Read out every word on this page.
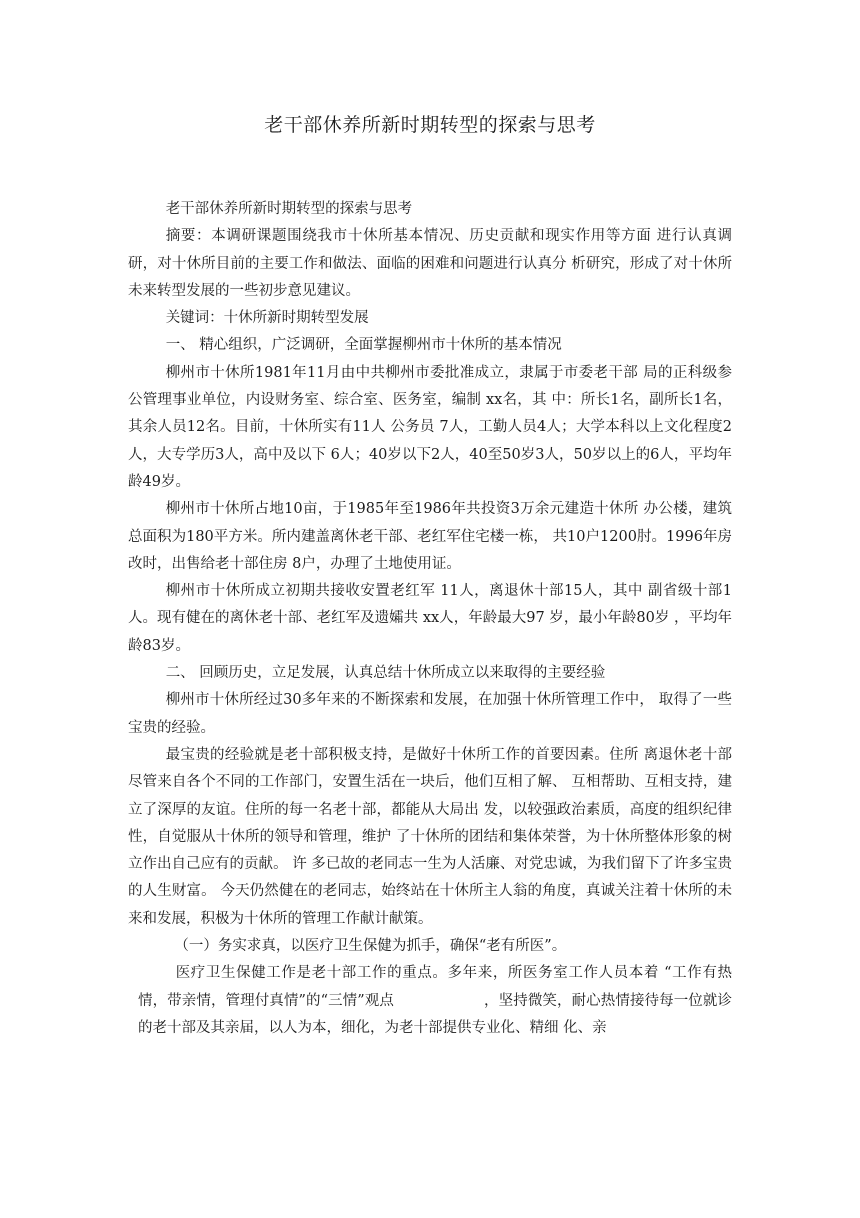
老干部休养所新时期转型的探索与思考

老干部休养所新时期转型的探索与思考

摘要：本调研课题围绕我市十休所基本情况、历史贡献和现实作用等方面 进行认真调研，对十休所目前的主要工作和做法、面临的困难和问题进行认真分 析研究，形成了对十休所未来转型发展的一些初步意见建议。

关键词：十休所新时期转型发展

一、 精心组织，广泛调研，全面掌握柳州市十休所的基本情况

柳州市十休所1981年11月由中共柳州市委批准成立，隶属于市委老干部 局的正科级参公管理事业单位，内设财务室、综合室、医务室，编制 xx名，其 中：所长1名，副所长1名，其余人员12名。目前，十休所实有11人 公务员 7人，工勤人员4人；大学本科以上文化程度2人，大专学历3人，高中及以下 6人；40岁以下2人，40至50岁3人，50岁以上的6人，平均年龄49岁。

柳州市十休所占地10亩，于1985年至1986年共投资3万余元建造十休所 办公楼，建筑总面积为180平方米。所内建盖离休老干部、老红军住宅楼一栋， 共10户1200肘。1996年房改时，出售给老十部住房 8户，办理了土地使用证。

柳州市十休所成立初期共接收安置老红军 11人，离退休十部15人，其中 副省级十部1人。现有健在的离休老十部、老红军及遗孀共 xx人，年龄最大97 岁，最小年龄80岁 ，平均年龄83岁。

二、 回顾历史，立足发展，认真总结十休所成立以来取得的主要经验

柳州市十休所经过30多年来的不断探索和发展，在加强十休所管理工作中， 取得了一些宝贵的经验。

最宝贵的经验就是老十部积极支持，是做好十休所工作的首要因素。住所 离退休老十部尽管来自各个不同的工作部门，安置生活在一块后，他们互相了解、 互相帮助、互相支持，建立了深厚的友谊。住所的每一名老十部，都能从大局出 发，以较强政治素质，高度的组织纪律性，自觉服从十休所的领导和管理，维护 了十休所的团结和集体荣誉，为十休所整体形象的树立作出自己应有的贡献。 许 多已故的老同志一生为人活廉、对党忠诚，为我们留下了许多宝贵的人生财富。 今天仍然健在的老同志，始终站在十休所主人翁的角度，真诚关注着十休所的未 来和发展，积极为十休所的管理工作献计献策。

（一）务实求真，以医疗卫生保健为抓手，确保“老有所医”。

医疗卫生保健工作是老十部工作的重点。多年来，所医务室工作人员本着 “工作有热情，带亲情，管理付真情”的“三情”观点	，坚持微笑，耐心热情接待每一位就诊的老十部及其亲届，以人为本，细化，为老十部提供专业化、精细 化、亲
